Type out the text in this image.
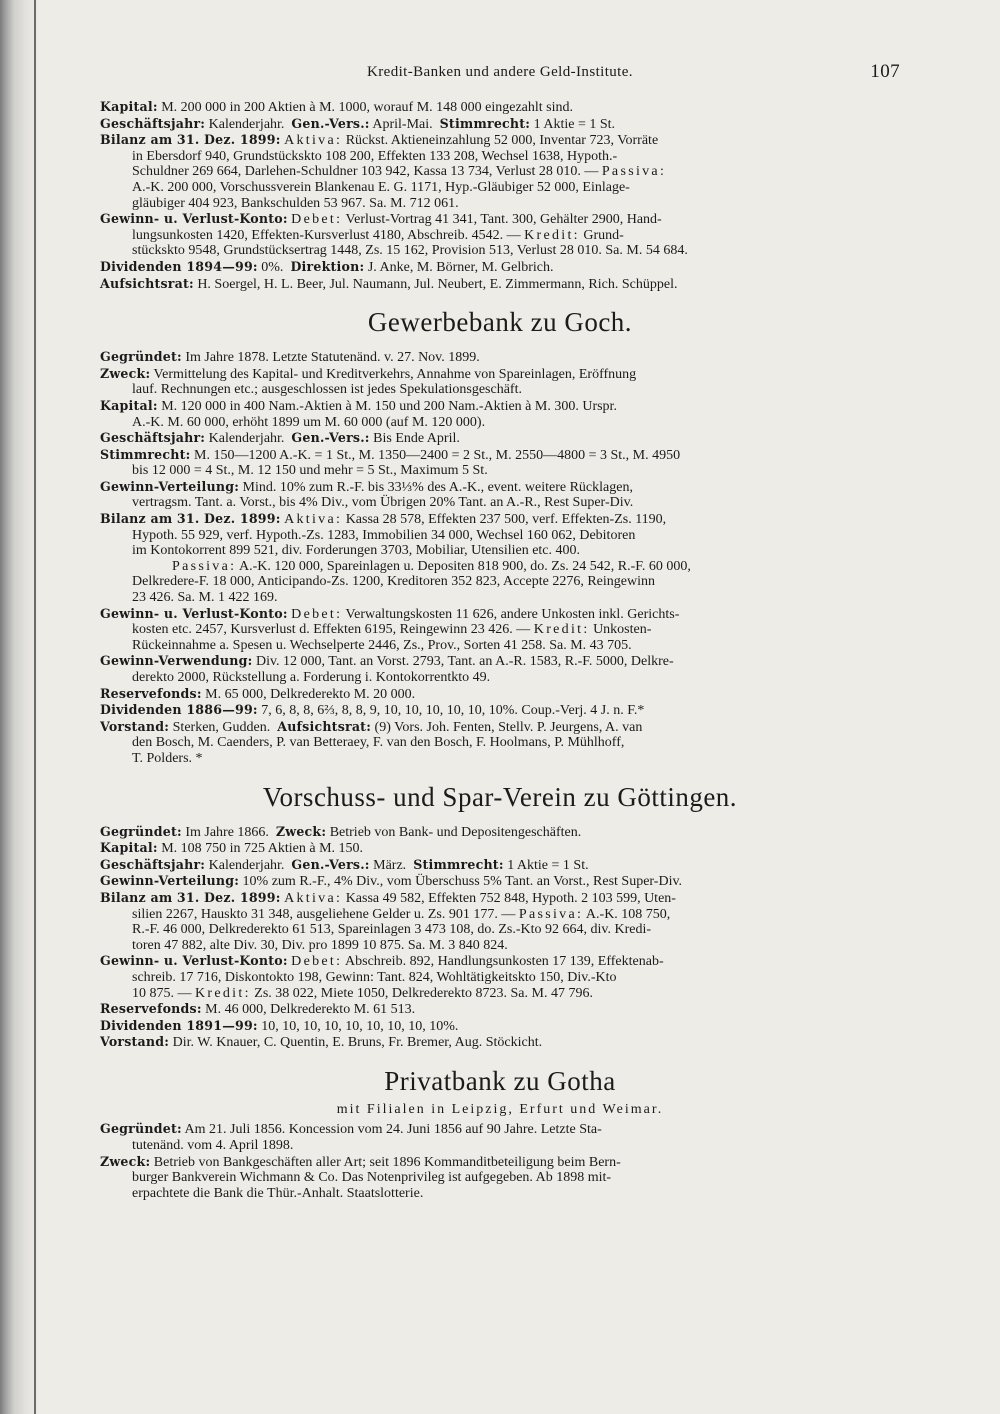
Kredit-Banken und andere Geld-Institute.	107
Kapital: M. 200 000 in 200 Aktien à M. 1000, worauf M. 148 000 eingezahlt sind.
Geschäftsjahr: Kalenderjahr. Gen.-Vers.: April-Mai. Stimmrecht: 1 Aktie = 1 St.
Bilanz am 31. Dez. 1899: Aktiva: Rückst. Aktieneinzahlung 52 000, Inventar 723, Vorräte
in Ebersdorf 940, Grundstückskto 108 200, Effekten 133 208, Wechsel 1638, Hypoth.-
Schuldner 269 664, Darlehen-Schuldner 103 942, Kassa 13 734, Verlust 28 010. — Passiva:
A.-K. 200 000, Vorschussverein Blankenau E. G. 1171, Hyp.-Gläubiger 52 000, Einlage-
gläubiger 404 923, Bankschulden 53 967. Sa. M. 712 061.
Gewinn- u. Verlust-Konto: Debet: Verlust-Vortrag 41 341, Tant. 300, Gehälter 2900, Hand-
lungsunkosten 1420, Effekten-Kursverlust 4180, Abschreib. 4542. — Kredit: Grund-
stückskto 9548, Grundstücksertrag 1448, Zs. 15 162, Provision 513, Verlust 28 010. Sa. M. 54 684.
Dividenden 1894—99: 0%. Direktion: J. Anke, M. Börner, M. Gelbrich.
Aufsichtsrat: H. Soergel, H. L. Beer, Jul. Naumann, Jul. Neubert, E. Zimmermann, Rich. Schüppel.
Gewerbebank zu Goch.
Gegründet: Im Jahre 1878. Letzte Statutenänd. v. 27. Nov. 1899.
Zweck: Vermittelung des Kapital- und Kreditverkehrs, Annahme von Spareinlagen, Eröffnung
lauf. Rechnungen etc.; ausgeschlossen ist jedes Spekulationsgeschäft.
Kapital: M. 120 000 in 400 Nam.-Aktien à M. 150 und 200 Nam.-Aktien à M. 300. Urspr.
A.-K. M. 60 000, erhöht 1899 um M. 60 000 (auf M. 120 000).
Geschäftsjahr: Kalenderjahr. Gen.-Vers.: Bis Ende April.
Stimmrecht: M. 150—1200 A.-K. = 1 St., M. 1350—2400 = 2 St., M. 2550—4800 = 3 St., M. 4950
bis 12 000 = 4 St., M. 12 150 und mehr = 5 St., Maximum 5 St.
Gewinn-Verteilung: Mind. 10% zum R.-F. bis 33⅓% des A.-K., event. weitere Rücklagen,
vertragsm. Tant. a. Vorst., bis 4% Div., vom Übrigen 20% Tant. an A.-R., Rest Super-Div.
Bilanz am 31. Dez. 1899: Aktiva: Kassa 28 578, Effekten 237 500, verf. Effekten-Zs. 1190,
Hypoth. 55 929, verf. Hypoth.-Zs. 1283, Immobilien 34 000, Wechsel 160 062, Debitoren
im Kontokorrent 899 521, div. Forderungen 3703, Mobiliar, Utensilien etc. 400.
Passiva: A.-K. 120 000, Spareinlagen u. Depositen 818 900, do. Zs. 24 542, R.-F. 60 000,
Delkredere-F. 18 000, Anticipando-Zs. 1200, Kreditoren 352 823, Accepte 2276, Reingewinn
23 426. Sa. M. 1 422 169.
Gewinn- u. Verlust-Konto: Debet: Verwaltungskosten 11 626, andere Unkosten inkl. Gerichts-
kosten etc. 2457, Kursverlust d. Effekten 6195, Reingewinn 23 426. — Kredit: Unkosten-
Rückeinnahme a. Spesen u. Wechselperte 2446, Zs., Prov., Sorten 41 258. Sa. M. 43 705.
Gewinn-Verwendung: Div. 12 000, Tant. an Vorst. 2793, Tant. an A.-R. 1583, R.-F. 5000, Delkre-
derekto 2000, Rückstellung a. Forderung i. Kontokorrentkto 49.
Reservefonds: M. 65 000, Delkrederekto M. 20 000.
Dividenden 1886—99: 7, 6, 8, 8, 6⅔, 8, 8, 9, 10, 10, 10, 10, 10, 10%. Coup.-Verj. 4 J. n. F.*
Vorstand: Sterken, Gudden. Aufsichtsrat: (9) Vors. Joh. Fenten, Stellv. P. Jeurgens, A. van
den Bosch, M. Caenders, P. van Betteraey, F. van den Bosch, F. Hoolmans, P. Mühlhoff,
T. Polders. *
Vorschuss- und Spar-Verein zu Göttingen.
Gegründet: Im Jahre 1866. Zweck: Betrieb von Bank- und Depositengeschäften.
Kapital: M. 108 750 in 725 Aktien à M. 150.
Geschäftsjahr: Kalenderjahr. Gen.-Vers.: März. Stimmrecht: 1 Aktie = 1 St.
Gewinn-Verteilung: 10% zum R.-F., 4% Div., vom Überschuss 5% Tant. an Vorst., Rest Super-Div.
Bilanz am 31. Dez. 1899: Aktiva: Kassa 49 582, Effekten 752 848, Hypoth. 2 103 599, Uten-
silien 2267, Hauskto 31 348, ausgeliehene Gelder u. Zs. 901 177. — Passiva: A.-K. 108 750,
R.-F. 46 000, Delkrederekto 61 513, Spareinlagen 3 473 108, do. Zs.-Kto 92 664, div. Kredi-
toren 47 882, alte Div. 30, Div. pro 1899 10 875. Sa. M. 3 840 824.
Gewinn- u. Verlust-Konto: Debet: Abschreib. 892, Handlungsunkosten 17 139, Effektenab-
schreib. 17 716, Diskontokto 198, Gewinn: Tant. 824, Wohltätigkeitskto 150, Div.-Kto
10 875. — Kredit: Zs. 38 022, Miete 1050, Delkrederekto 8723. Sa. M. 47 796.
Reservefonds: M. 46 000, Delkrederekto M. 61 513.
Dividenden 1891—99: 10, 10, 10, 10, 10, 10, 10, 10, 10%.
Vorstand: Dir. W. Knauer, C. Quentin, E. Bruns, Fr. Bremer, Aug. Stöckicht.
Privatbank zu Gotha
mit Filialen in Leipzig, Erfurt und Weimar.
Gegründet: Am 21. Juli 1856. Koncession vom 24. Juni 1856 auf 90 Jahre. Letzte Sta-
tutenänd. vom 4. April 1898.
Zweck: Betrieb von Bankgeschäften aller Art; seit 1896 Kommanditbeteiligung beim Bern-
burger Bankverein Wichmann & Co. Das Notenprivileg ist aufgegeben. Ab 1898 mit-
erpachtete die Bank die Thür.-Anhalt. Staatslotterie.
